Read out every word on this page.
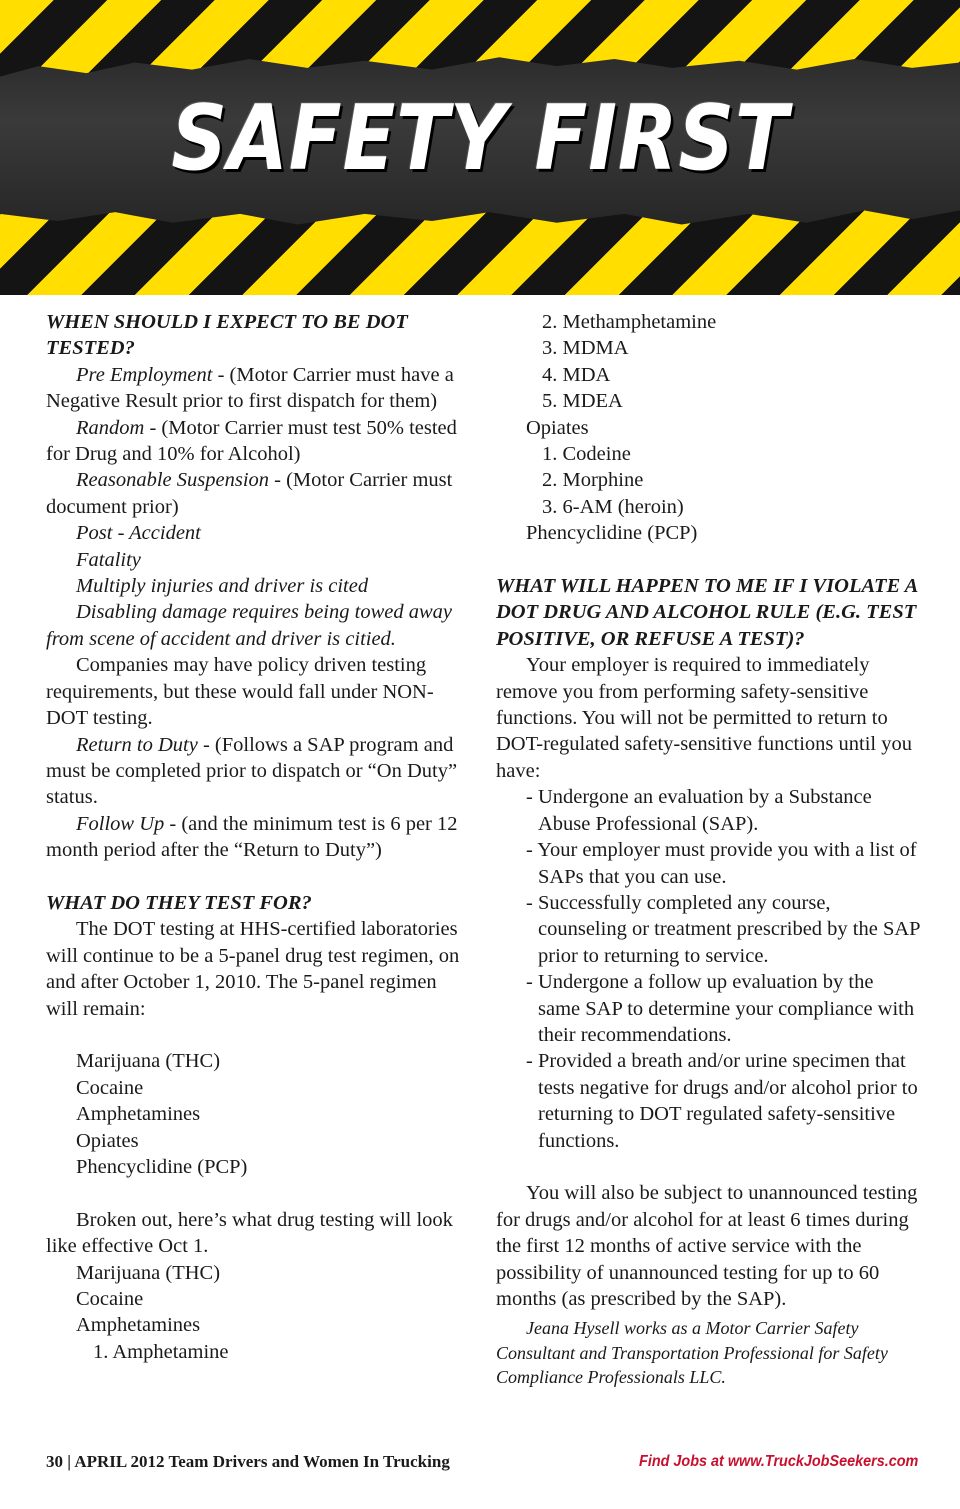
SAFETY FIRST
WHEN SHOULD I EXPECT TO BE DOT TESTED?

Pre Employment - (Motor Carrier must have a Negative Result prior to first dispatch for them)

Random - (Motor Carrier must test 50% tested for Drug and 10% for Alcohol)

Reasonable Suspension - (Motor Carrier must document prior)

Post - Accident

Fatality

Multiply injuries and driver is cited

Disabling damage requires being towed away from scene of accident and driver is citied.

Companies may have policy driven testing requirements, but these would fall under NON-DOT testing.

Return to Duty - (Follows a SAP program and must be completed prior to dispatch or “On Duty” status.

Follow Up - (and the minimum test is 6 per 12 month period after the “Return to Duty”)

WHAT DO THEY TEST FOR?

The DOT testing at HHS-certified laboratories will continue to be a 5-panel drug test regimen, on and after October 1, 2010. The 5-panel regimen will remain:

Marijuana (THC)

Cocaine

Amphetamines

Opiates

Phencyclidine (PCP)

Broken out, here’s what drug testing will look like effective Oct 1.

Marijuana (THC)

Cocaine

Amphetamines

1. Amphetamine

2. Methamphetamine

3. MDMA

4. MDA

5. MDEA

Opiates

1. Codeine

2. Morphine

3. 6-AM (heroin)

Phencyclidine (PCP)

WHAT WILL HAPPEN TO ME IF I VIOLATE A DOT DRUG AND ALCOHOL RULE (E.G. TEST POSITIVE, OR REFUSE A TEST)?

Your employer is required to immediately remove you from performing safety-sensitive functions. You will not be permitted to return to DOT-regulated safety-sensitive functions until you have:

- Undergone an evaluation by a Substance Abuse Professional (SAP).

- Your employer must provide you with a list of SAPs that you can use.

- Successfully completed any course, counseling or treatment prescribed by the SAP prior to returning to service.

- Undergone a follow up evaluation by the same SAP to determine your compliance with their recommendations.

- Provided a breath and/or urine specimen that tests negative for drugs and/or alcohol prior to returning to DOT regulated safety-sensitive functions.

You will also be subject to unannounced testing for drugs and/or alcohol for at least 6 times during the first 12 months of active service with the possibility of unannounced testing for up to 60 months (as prescribed by the SAP).

Jeana Hysell works as a Motor Carrier Safety Consultant and Transportation Professional for Safety Compliance Professionals LLC.

30 | APRIL 2012 Team Drivers and Women In Trucking	Find Jobs at www.TruckJobSeekers.com
